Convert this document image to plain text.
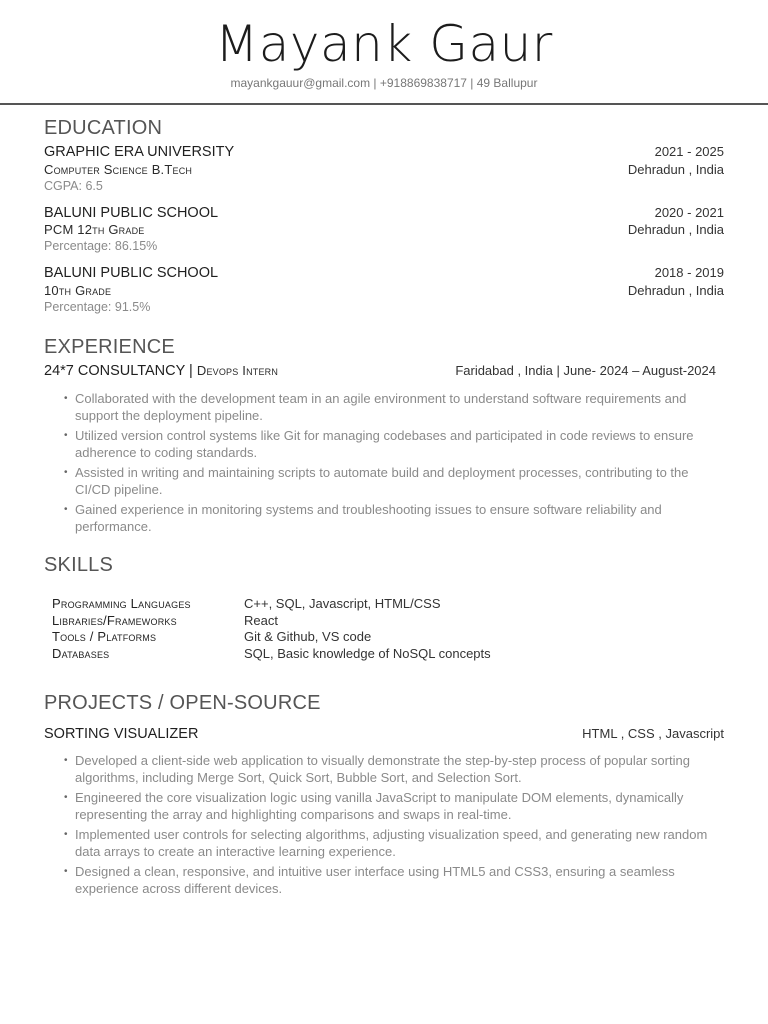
Mayank Gaur
mayankgauur@gmail.com | +918869838717 | 49 Ballupur
EDUCATION
GRAPHIC ERA UNIVERSITY	2021 - 2025
Computer Science B.Tech	Dehradun , India
CGPA: 6.5
BALUNI PUBLIC SCHOOL	2020 - 2021
PCM 12th Grade	Dehradun , India
Percentage: 86.15%
BALUNI PUBLIC SCHOOL	2018 - 2019
10th Grade	Dehradun , India
Percentage: 91.5%
EXPERIENCE
24*7 CONSULTANCY | Devops Intern	Faridabad , India | June- 2024 – August-2024
• Collaborated with the development team in an agile environment to understand software requirements and support the deployment pipeline.
• Utilized version control systems like Git for managing codebases and participated in code reviews to ensure adherence to coding standards.
• Assisted in writing and maintaining scripts to automate build and deployment processes, contributing to the CI/CD pipeline.
• Gained experience in monitoring systems and troubleshooting issues to ensure software reliability and performance.
SKILLS
Programming Languages	C++, SQL, Javascript, HTML/CSS
Libraries/Frameworks	React
Tools / Platforms	Git & Github, VS code
Databases	SQL, Basic knowledge of NoSQL concepts
PROJECTS / OPEN-SOURCE
SORTING VISUALIZER	HTML , CSS , Javascript
• Developed a client-side web application to visually demonstrate the step-by-step process of popular sorting algorithms, including Merge Sort, Quick Sort, Bubble Sort, and Selection Sort.
• Engineered the core visualization logic using vanilla JavaScript to manipulate DOM elements, dynamically representing the array and highlighting comparisons and swaps in real-time.
• Implemented user controls for selecting algorithms, adjusting visualization speed, and generating new random data arrays to create an interactive learning experience.
• Designed a clean, responsive, and intuitive user interface using HTML5 and CSS3, ensuring a seamless experience across different devices.
